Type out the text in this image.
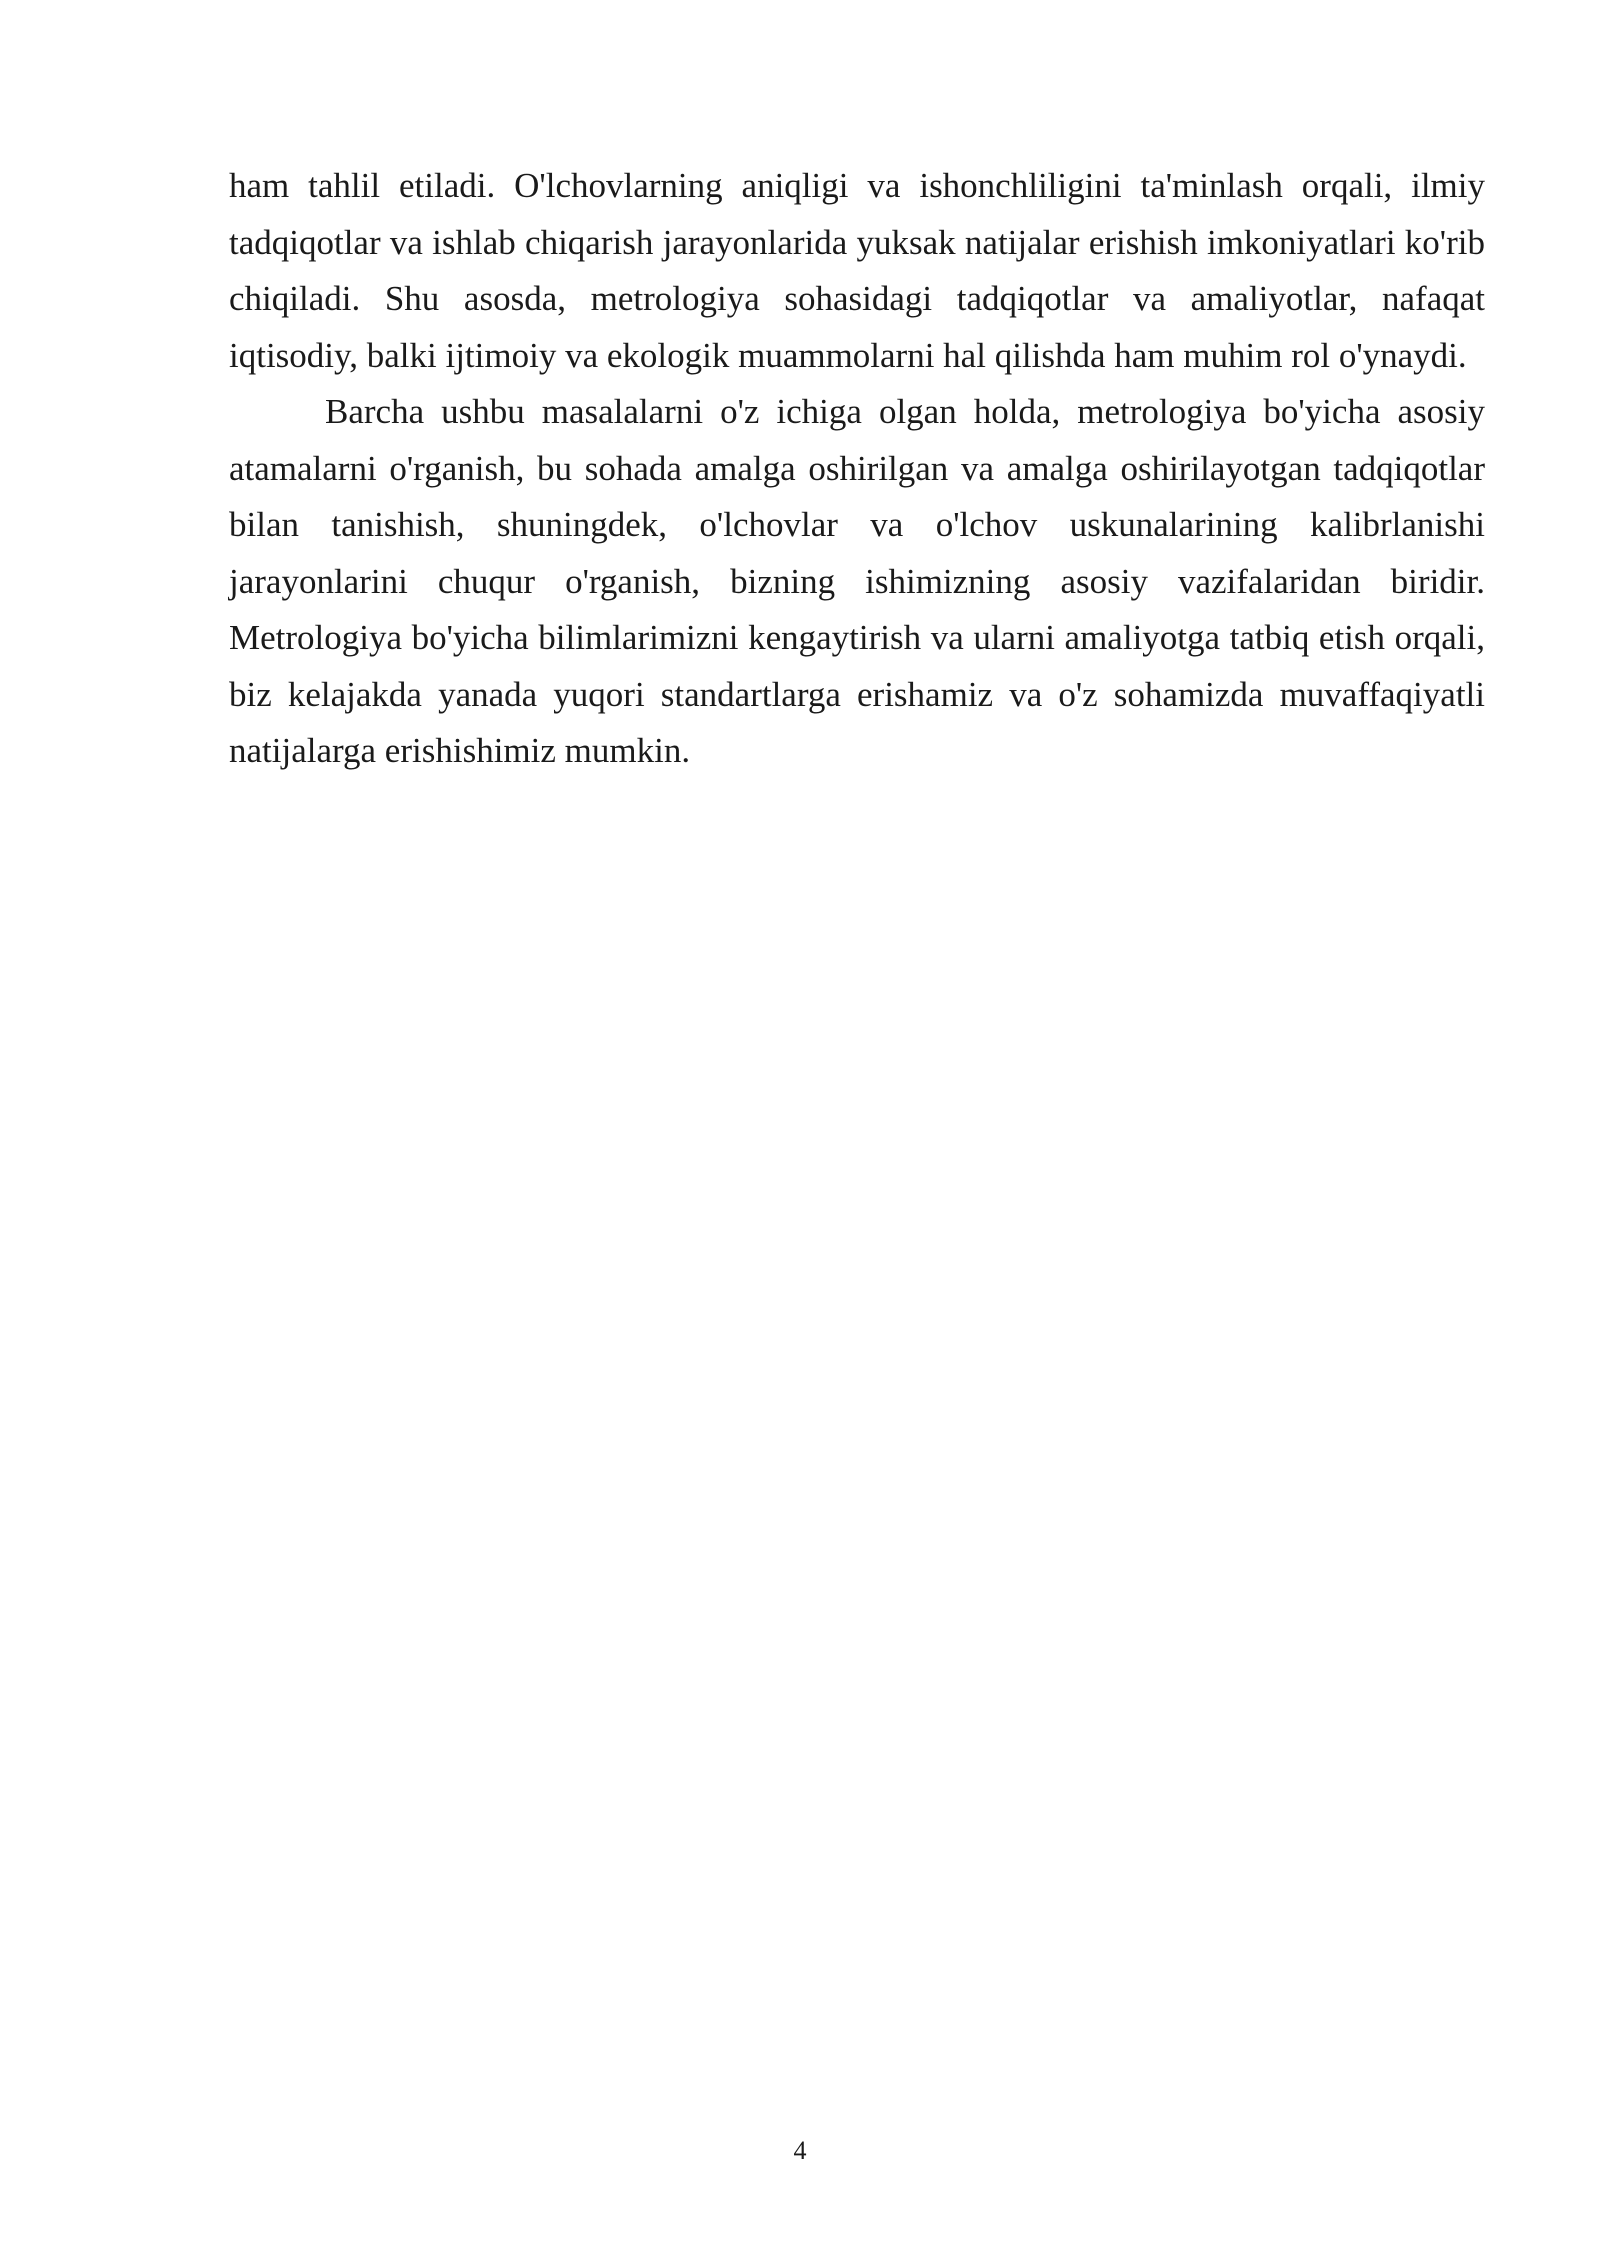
ham tahlil etiladi. O'lchovlarning aniqligi va ishonchliligini ta'minlash orqali, ilmiy tadqiqotlar va ishlab chiqarish jarayonlarida yuksak natijalar erishish imkoniyatlari ko'rib chiqiladi. Shu asosda, metrologiya sohasidagi tadqiqotlar va amaliyotlar, nafaqat iqtisodiy, balki ijtimoiy va ekologik muammolarni hal qilishda ham muhim rol o'ynaydi.

Barcha ushbu masalalarni o'z ichiga olgan holda, metrologiya bo'yicha asosiy atamalarni o'rganish, bu sohada amalga oshirilgan va amalga oshirilayotgan tadqiqotlar bilan tanishish, shuningdek, o'lchovlar va o'lchov uskunalarining kalibrlanishi jarayonlarini chuqur o'rganish, bizning ishimizning asosiy vazifalaridan biridir. Metrologiya bo'yicha bilimlarimizni kengaytirish va ularni amaliyotga tatbiq etish orqali, biz kelajakda yanada yuqori standartlarga erishamiz va o'z sohamizda muvaffaqiyatli natijalarga erishishimiz mumkin.

4
